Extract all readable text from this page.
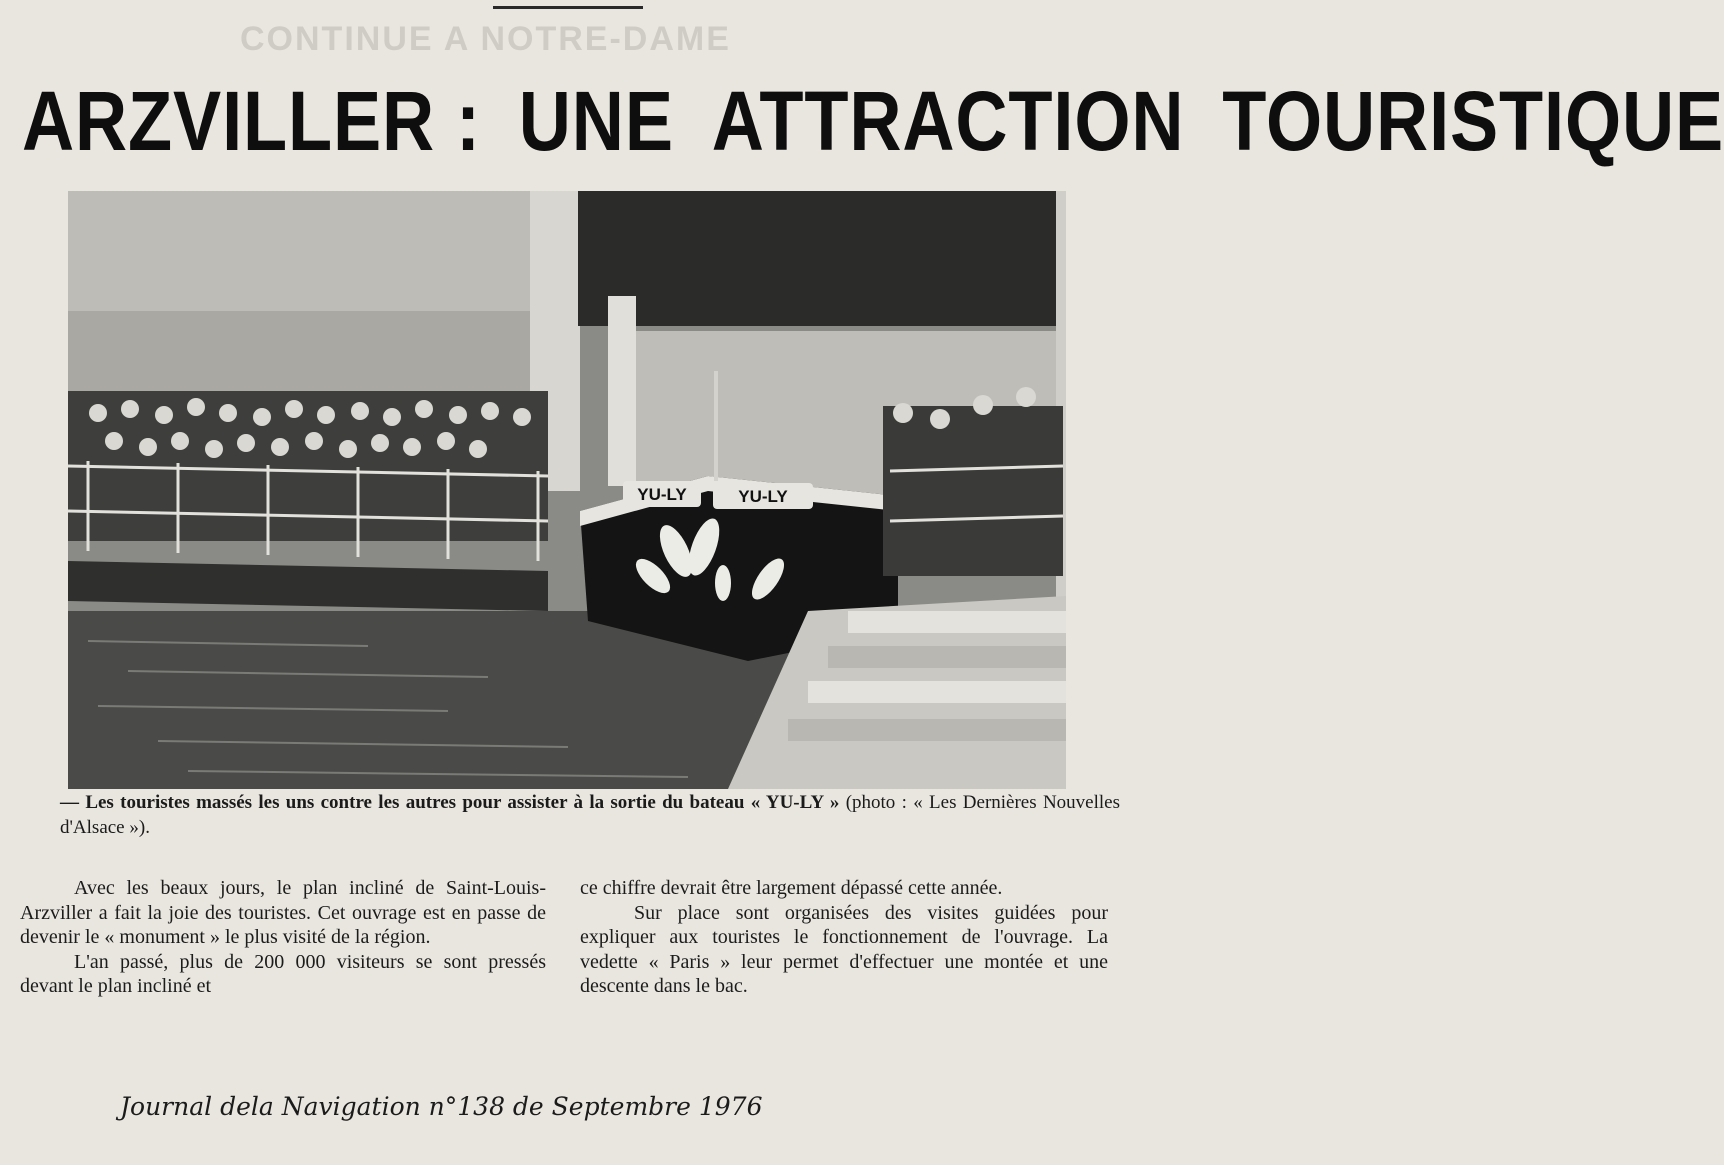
CONTINUE A NOTRE-DAME
ARZVILLER : UNE ATTRACTION TOURISTIQUE
YU-LY	YU-LY
— Les touristes massés les uns contre les autres pour assister à la sortie du bateau « YU-LY » (photo : « Les Dernières Nouvelles d'Alsace »).

Avec les beaux jours, le plan incliné de Saint-Louis-Arzviller a fait la joie des touristes. Cet ouvrage est en passe de devenir le « monument » le plus visité de la région.

L'an passé, plus de 200 000 visiteurs se sont pressés devant le plan incliné et

ce chiffre devrait être largement dépassé cette année.

Sur place sont organisées des visites guidées pour expliquer aux touristes le fonctionnement de l'ouvrage. La vedette « Paris » leur permet d'effectuer une montée et une descente dans le bac.

Journal dela Navigation n°138 de Septembre 1976
